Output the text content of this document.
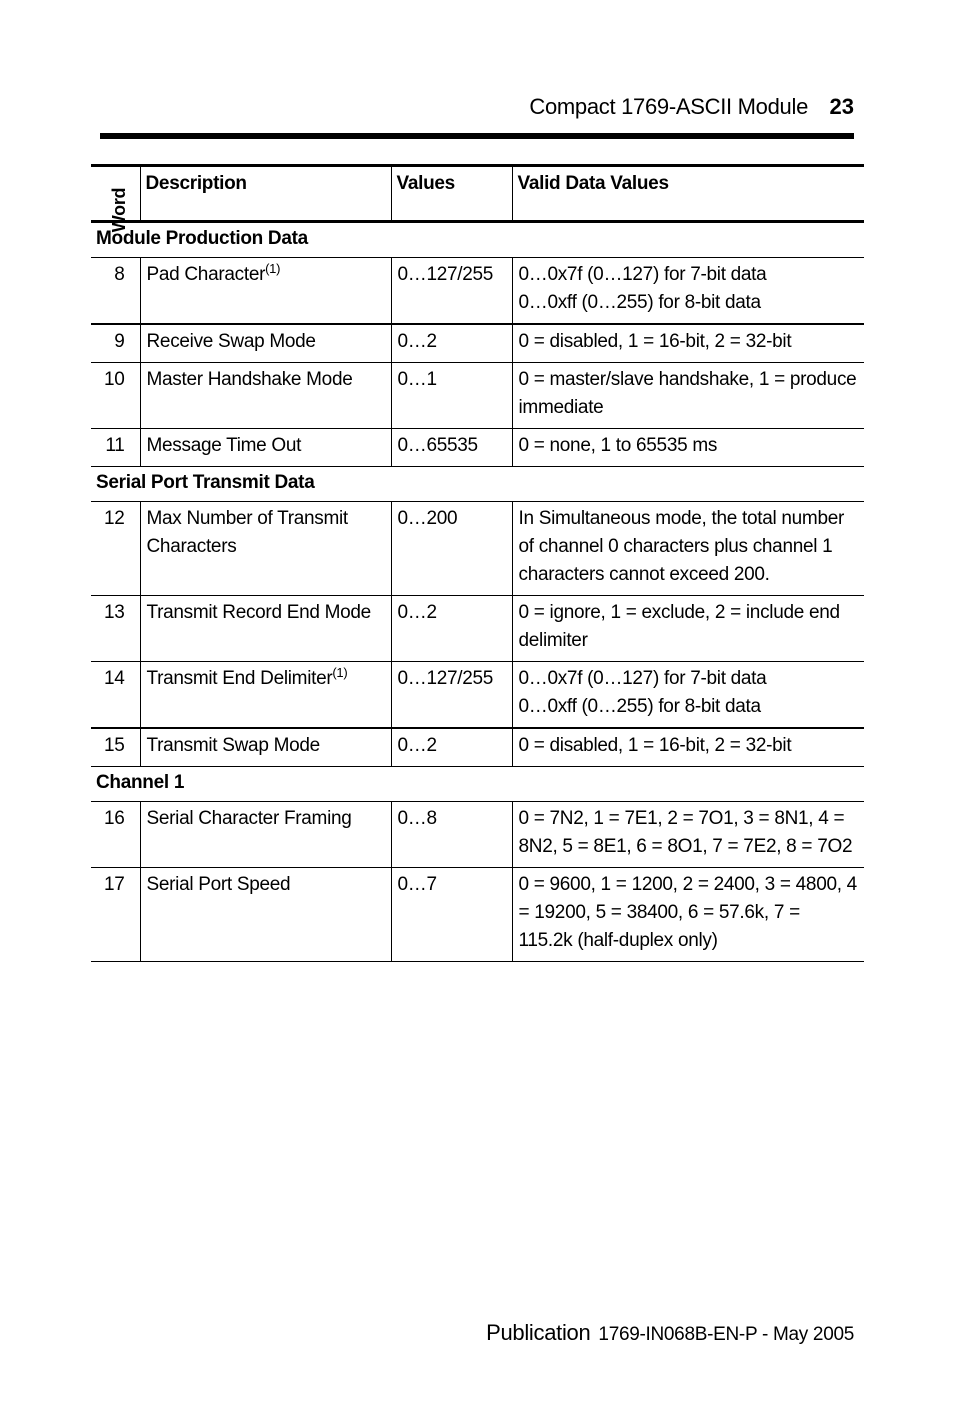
Compact 1769-ASCII Module 23
Word	Description	Values	Valid Data Values
Module Production Data			
8	Pad Character$^{(1)}$	0…127/255	0…0x7f (0…127) for 7-bit data
0…0xff (0…255) for 8-bit data

9	Receive Swap Mode	0…2	0 = disabled, 1 = 16-bit, 2 = 32-bit

10	Master Handshake Mode	0…1	0 = master/slave handshake, 1 = produce immediate

11	Message Time Out	0…65535	0 = none, 1 to 65535 ms

Serial Port Transmit Data			
12	Max Number of Transmit Characters	0…200	In Simultaneous mode, the total number of channel 0 characters plus channel 1 characters cannot exceed 200.

13	Transmit Record End Mode	0…2	0 = ignore, 1 = exclude, 2 = include end delimiter

14	Transmit End Delimiter$^{(1)}$	0…127/255	0…0x7f (0…127) for 7-bit data
0…0xff (0…255) for 8-bit data

15	Transmit Swap Mode	0…2	0 = disabled, 1 = 16-bit, 2 = 32-bit

Channel 1			
16	Serial Character Framing	0…8	0 = 7N2, 1 = 7E1, 2 = 7O1, 3 = 8N1, 4 = 8N2, 5 = 8E1, 6 = 8O1, 7 = 7E2, 8 = 7O2

17	Serial Port Speed	0…7	0 = 9600, 1 = 1200, 2 = 2400, 3 = 4800, 4 = 19200, 5 = 38400, 6 = 57.6k, 7 = 115.2k (half-duplex only)
Publication 1769-IN068B-EN-P - May 2005
